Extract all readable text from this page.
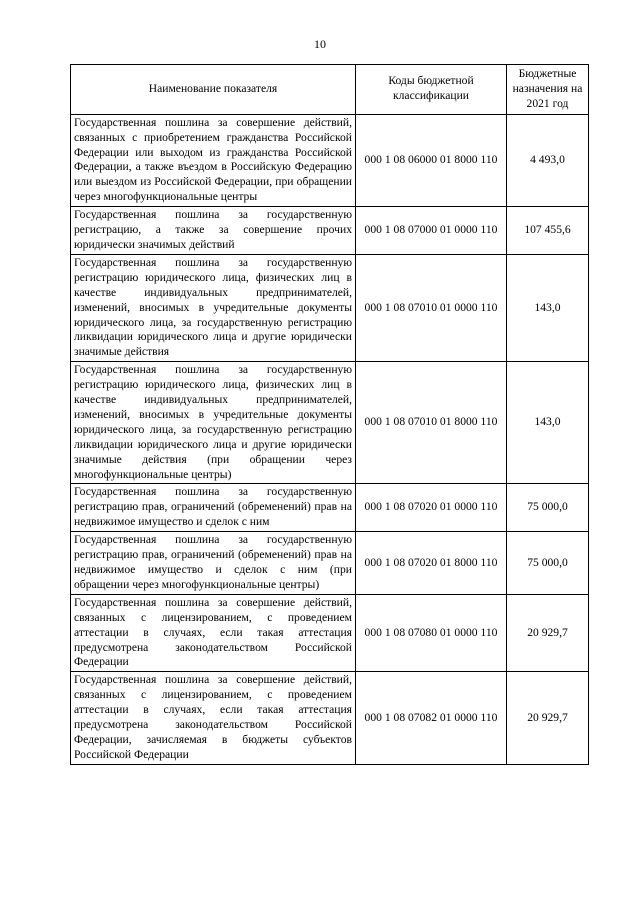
10
Наименование показателя	Коды бюджетной классификации	Бюджетные назначения на 2021 год
Государственная пошлина за совершение действий, связанных с приобретением гражданства Российской Федерации или выходом из гражданства Российской Федерации, а также въездом в Российскую Федерацию или выездом из Российской Федерации, при обращении через многофункциональные центры	000 1 08 06000 01 8000 110	4 493,0
Государственная пошлина за государственную регистрацию, а также за совершение прочих юридически значимых действий	000 1 08 07000 01 0000 110	107 455,6
Государственная пошлина за государственную регистрацию юридического лица, физических лиц в качестве индивидуальных предпринимателей, изменений, вносимых в учредительные документы юридического лица, за государственную регистрацию ликвидации юридического лица и другие юридически значимые действия	000 1 08 07010 01 0000 110	143,0
Государственная пошлина за государственную регистрацию юридического лица, физических лиц в качестве индивидуальных предпринимателей, изменений, вносимых в учредительные документы юридического лица, за государственную регистрацию ликвидации юридического лица и другие юридически значимые действия (при обращении через многофункциональные центры)	000 1 08 07010 01 8000 110	143,0
Государственная пошлина за государственную регистрацию прав, ограничений (обременений) прав на недвижимое имущество и сделок с ним	000 1 08 07020 01 0000 110	75 000,0
Государственная пошлина за государственную регистрацию прав, ограничений (обременений) прав на недвижимое имущество и сделок с ним (при обращении через многофункциональные центры)	000 1 08 07020 01 8000 110	75 000,0
Государственная пошлина за совершение действий, связанных с лицензированием, с проведением аттестации в случаях, если такая аттестация предусмотрена законодательством Российской Федерации	000 1 08 07080 01 0000 110	20 929,7
Государственная пошлина за совершение действий, связанных с лицензированием, с проведением аттестации в случаях, если такая аттестация предусмотрена законодательством Российской Федерации, зачисляемая в бюджеты субъектов Российской Федерации	000 1 08 07082 01 0000 110	20 929,7
